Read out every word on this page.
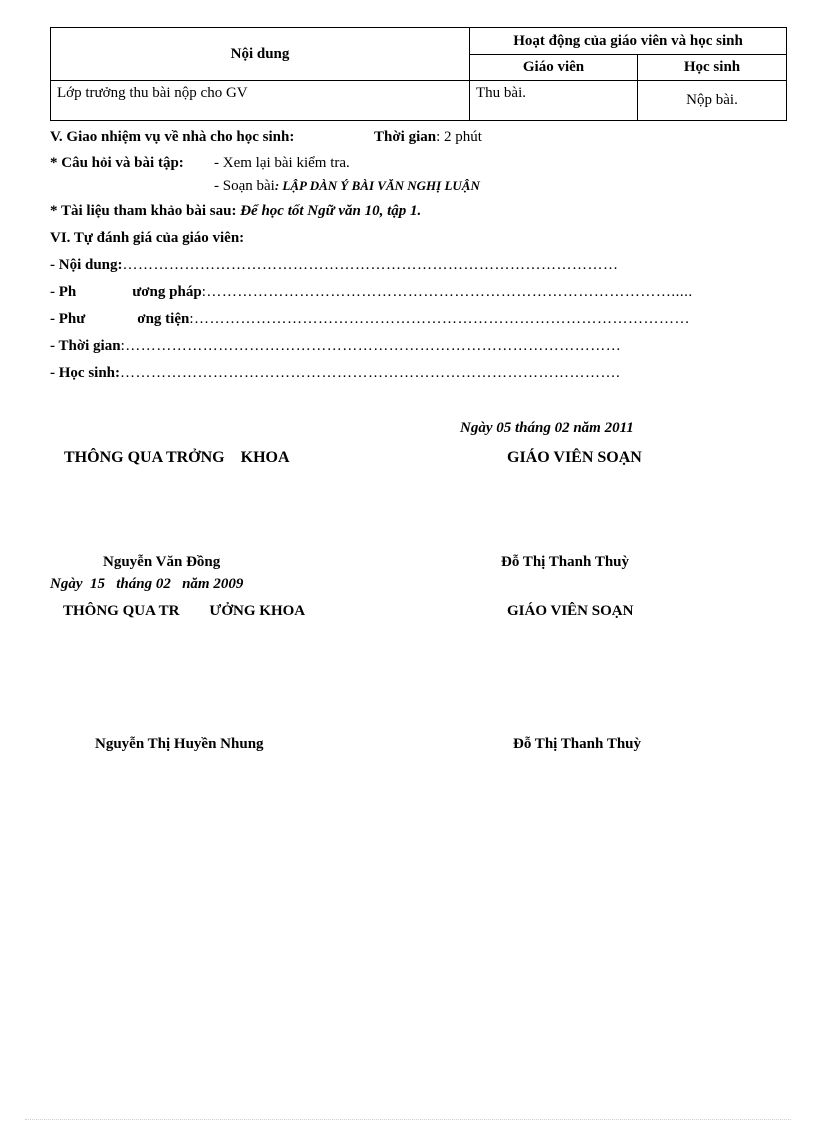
Nội dung	Hoạt động của giáo viên và học sinh	
	Giáo viên	Học sinh
Lớp trưởng thu bài nộp cho GV	Thu bài.	Nộp bài.
V. Giao nhiệm vụ về nhà cho học sinh:	Thời gian: 2 phút
* Câu hỏi và bài tập: - Xem lại bài kiểm tra.
- Soạn bài: LẬP DÀN Ý BÀI VĂN NGHỊ LUẬN
* Tài liệu tham khảo bài sau: Để học tốt Ngữ văn 10, tập 1.
VI. Tự đánh giá của giáo viên:
- Nội dung:……………………………………………………………………………………
- Ph	ương pháp:……………………………………………………………………………….....
- Phư	ơng tiện:……………………………………………………………………………………
- Thời gian:……………………………………………………………………………………
- Học sinh:…………………………………………………………………………………….
Ngày 05 tháng 02 năm 2011
THÔNG QUA TRỞNG    KHOA	GIÁO VIÊN SOẠN
Nguyễn Văn Đồng	Đỗ Thị Thanh Thuỳ
Ngày  15   tháng 02   năm 2009
THÔNG QUA TR ƯỞNG KHOA	GIÁO VIÊN SOẠN
Nguyễn Thị Huyền Nhung	Đỗ Thị Thanh Thuỳ
